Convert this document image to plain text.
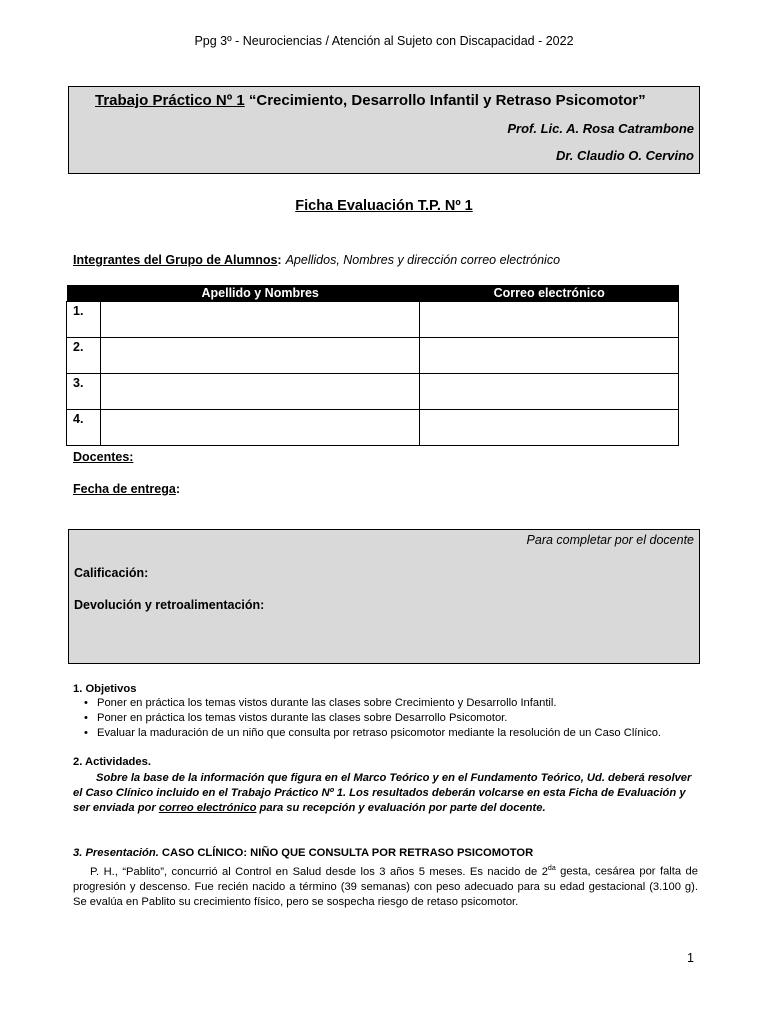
Ppg 3º - Neurociencias / Atención al Sujeto con Discapacidad - 2022
Trabajo Práctico Nº 1 “Crecimiento, Desarrollo Infantil y Retraso Psicomotor”
Prof. Lic. A. Rosa Catrambone
Dr. Claudio O. Cervino
Ficha Evaluación T.P. Nº 1
Integrantes del Grupo de Alumnos: Apellidos, Nombres y dirección correo electrónico
	Apellido y Nombres	Correo electrónico
1.		
2.		
3.		
4.		
Docentes:
Fecha de entrega:
Para completar por el docente
Calificación:
Devolución y retroalimentación:
1. Objetivos
• Poner en práctica los temas vistos durante las clases sobre Crecimiento y Desarrollo Infantil.
• Poner en práctica los temas vistos durante las clases sobre Desarrollo Psicomotor.
• Evaluar la maduración de un niño que consulta por retraso psicomotor mediante la resolución de un Caso Clínico.
2. Actividades.
Sobre la base de la información que figura en el Marco Teórico y en el Fundamento Teórico, Ud. deberá resolver
el Caso Clínico incluido en el Trabajo Práctico Nº 1. Los resultados deberán volcarse en esta Ficha de Evaluación y ser enviada por correo electrónico para su recepción y evaluación por parte del docente.
3. Presentación. CASO CLÍNICO: NIÑO QUE CONSULTA POR RETRASO PSICOMOTOR
P. H., “Pablito”, concurrió al Control en Salud desde los 3 años 5 meses. Es nacido de $2^{da}$ gesta, cesárea por falta de progresión y descenso. Fue recién nacido a término (39 semanas) con peso adecuado para su edad gestacional (3.100 g). Se evalúa en Pablito su crecimiento físico, pero se sospecha riesgo de retaso psicomotor.
1
